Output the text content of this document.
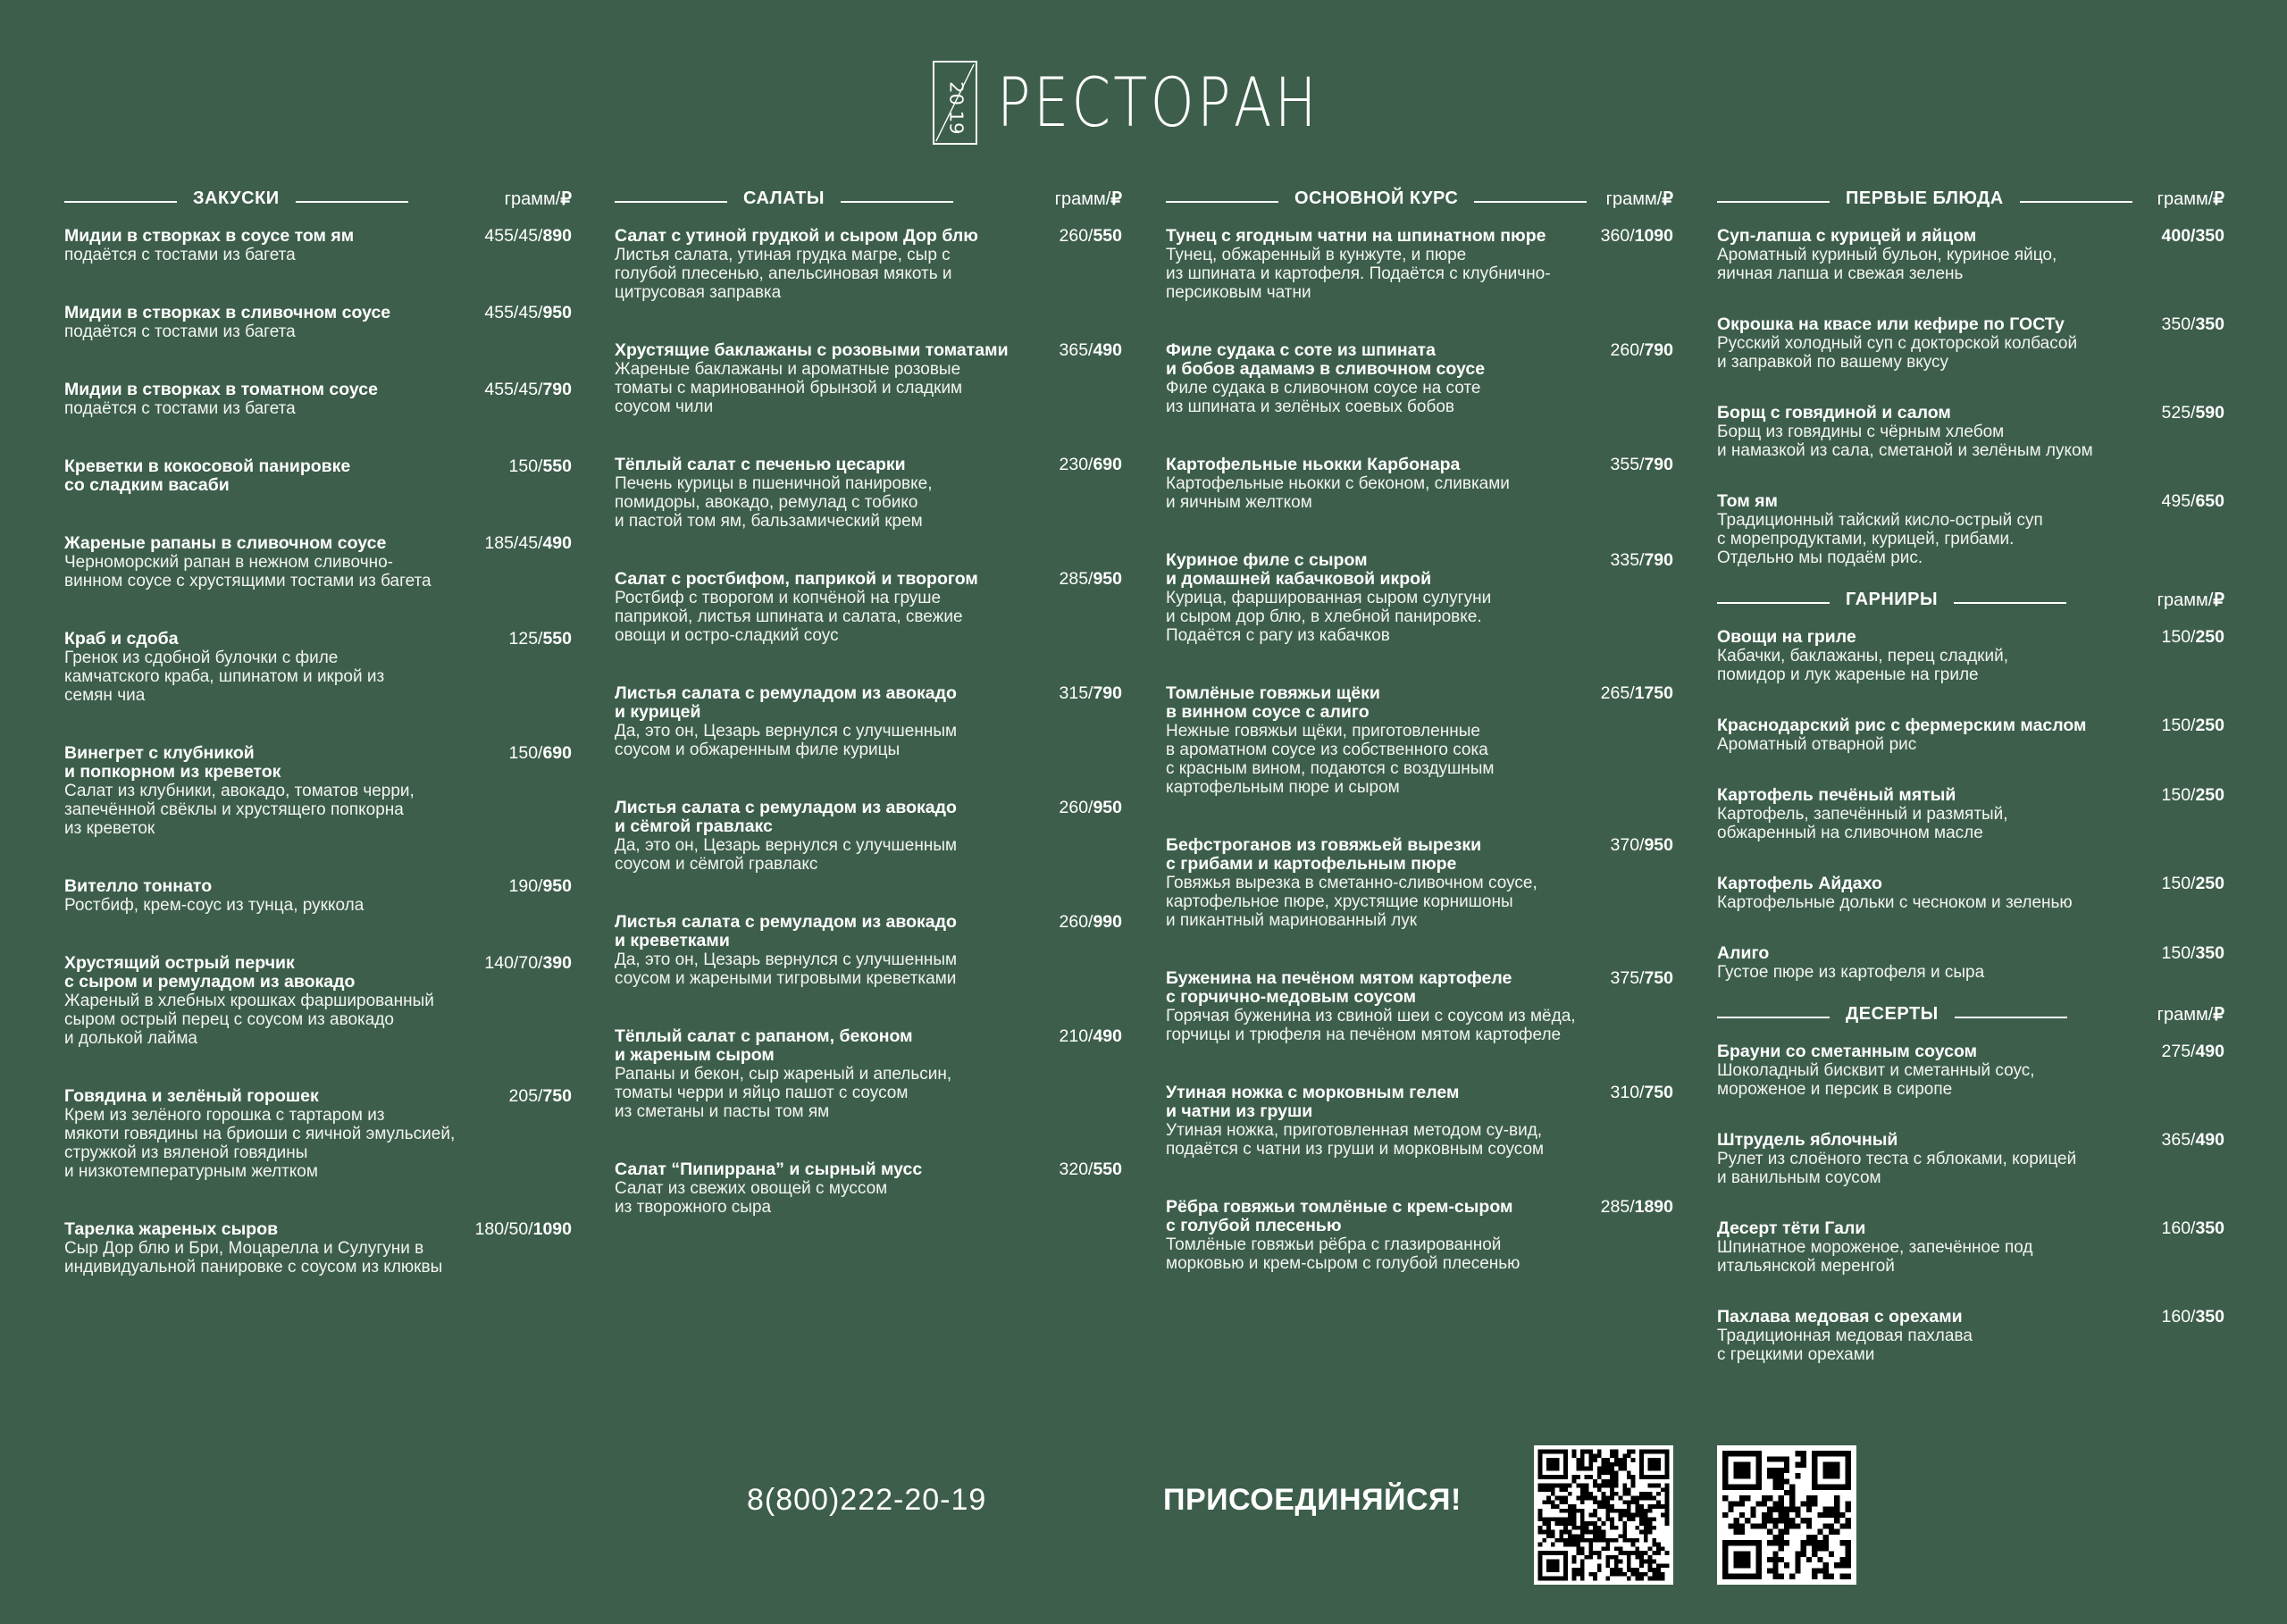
20
19 РЕСТОРАН
ЗАКУСКИ	грамм/₽
Мидии в створках в соусе том ям	455/45/890
подаётся с тостами из багета
Мидии в створках в сливочном соусе	455/45/950
подаётся с тостами из багета
Мидии в створках в томатном соусе	455/45/790
подаётся с тостами из багета
Креветки в кокосовой панировке
со сладким васаби
150/550
Жареные рапаны в сливочном соусе	185/45/490
Черноморский рапан в нежном сливочно-
винном соусе с хрустящими тостами из багета
Краб и сдоба	125/550
Гренок из сдобной булочки с филе
камчатского краба, шпинатом и икрой из
семян чиа
Винегрет с клубникой
и попкорном из креветок
150/690
Салат из клубники, авокадо, томатов черри,
запечённой свёклы и хрустящего попкорна
из креветок
Вителло тоннато	190/950
Ростбиф, крем-соус из тунца, руккола
Хрустящий острый перчик
с сыром и ремуладом из авокадо
140/70/390
Жареный в хлебных крошках фаршированный
сыром острый перец с соусом из авокадо
и долькой лайма
Говядина и зелёный горошек	205/750
Крем из зелёного горошка с тартаром из
мякоти говядины на бриоши с яичной эмульсией,
стружкой из вяленой говядины
и низкотемпературным желтком
Тарелка жареных сыров	180/50/1090
Сыр Дор блю и Бри, Моцарелла и Сулугуни в
индивидуальной панировке с соусом из клюквы
САЛАТЫ	грамм/₽
Салат с утиной грудкой и сыром Дор блю	260/550
Листья салата, утиная грудка магре, сыр с
голубой плесенью, апельсиновая мякоть и
цитрусовая заправка
Хрустящие баклажаны с розовыми томатами	365/490
Жареные баклажаны и ароматные розовые
томаты с маринованной брынзой и сладким
соусом чили
Тёплый салат с печенью цесарки	230/690
Печень курицы в пшеничной панировке,
помидоры, авокадо, ремулад с тобико
и пастой том ям, бальзамический крем
Салат с ростбифом, паприкой и творогом	285/950
Ростбиф с творогом и копчёной на груше
паприкой, листья шпината и салата, свежие
овощи и остро-сладкий соус
Листья салата с ремуладом из авокадо
и курицей
315/790
Да, это он, Цезарь вернулся с улучшенным
соусом и обжаренным филе курицы
Листья салата с ремуладом из авокадо
и сёмгой гравлакс
260/950
Да, это он, Цезарь вернулся с улучшенным
соусом и сёмгой гравлакс
Листья салата с ремуладом из авокадо
и креветками
260/990
Да, это он, Цезарь вернулся с улучшенным
соусом и жареными тигровыми креветками
Тёплый салат с рапаном, беконом
и жареным сыром
210/490
Рапаны и бекон, сыр жареный и апельсин,
томаты черри и яйцо пашот с соусом
из сметаны и пасты том ям
Салат “Пипиррана” и сырный мусс	320/550
Салат из свежих овощей с муссом
из творожного сыра
ОСНОВНОЙ КУРС	грамм/₽
Тунец с ягодным чатни на шпинатном пюре	360/1090
Тунец, обжаренный в кунжуте, и пюре
из шпината и картофеля. Подаётся с клубнично-
персиковым чатни
Филе судака с соте из шпината
и бобов адамамэ в сливочном соусе
260/790
Филе судака в сливочном соусе на соте
из шпината и зелёных соевых бобов
Картофельные ньокки Карбонара	355/790
Картофельные ньокки с беконом, сливками
и яичным желтком
Куриное филе с сыром
и домашней кабачковой икрой
335/790
Курица, фаршированная сыром сулугуни
и сыром дор блю, в хлебной панировке.
Подаётся с рагу из кабачков
Томлёные говяжьи щёки
в винном соусе с алиго
265/1750
Нежные говяжьи щёки, приготовленные
в ароматном соусе из собственного сока
с красным вином, подаются с воздушным
картофельным пюре и сыром
Бефстроганов из говяжьей вырезки
с грибами и картофельным пюре
370/950
Говяжья вырезка в сметанно-сливочном соусе,
картофельное пюре, хрустящие корнишоны
и пикантный маринованный лук
Буженина на печёном мятом картофеле
с горчично-медовым соусом
375/750
Горячая буженина из свиной шеи с соусом из мёда,
горчицы и трюфеля на печёном мятом картофеле
Утиная ножка с морковным гелем
и чатни из груши
310/750
Утиная ножка, приготовленная методом су-вид,
подаётся с чатни из груши и морковным соусом
Рёбра говяжьи томлёные с крем-сыром
с голубой плесенью
285/1890
Томлёные говяжьи рёбра с глазированной
морковью и крем-сыром с голубой плесенью
ПЕРВЫЕ БЛЮДА	грамм/₽
Суп-лапша с курицей и яйцом	400/350
Ароматный куриный бульон, куриное яйцо,
яичная лапша и свежая зелень
Окрошка на квасе или кефире по ГОСТу	350/350
Русский холодный суп с докторской колбасой
и заправкой по вашему вкусу
Борщ с говядиной и салом	525/590
Борщ из говядины с чёрным хлебом
и намазкой из сала, сметаной и зелёным луком
Том ям	495/650
Традиционный тайский кисло-острый суп
с морепродуктами, курицей, грибами.
Отдельно мы подаём рис.
ГАРНИРЫ	грамм/₽
Овощи на гриле	150/250
Кабачки, баклажаны, перец сладкий,
помидор и лук жареные на гриле
Краснодарский рис с фермерским маслом	150/250
Ароматный отварной рис
Картофель печёный мятый	150/250
Картофель, запечённый и размятый,
обжаренный на сливочном масле
Картофель Айдахо	150/250
Картофельные дольки с чесноком и зеленью
Алиго	150/350
Густое пюре из картофеля и сыра
ДЕСЕРТЫ	грамм/₽
Брауни со сметанным соусом	275/490
Шоколадный бисквит и сметанный соус,
мороженое и персик в сиропе
Штрудель яблочный	365/490
Рулет из слоёного теста с яблоками, корицей
и ванильным соусом
Десерт тёти Гали	160/350
Шпинатное мороженое, запечённое под
итальянской меренгой
Пахлава медовая с орехами	160/350
Традиционная медовая пахлава
с грецкими орехами
8(800)222-20-19	ПРИСОЕДИНЯЙСЯ!
